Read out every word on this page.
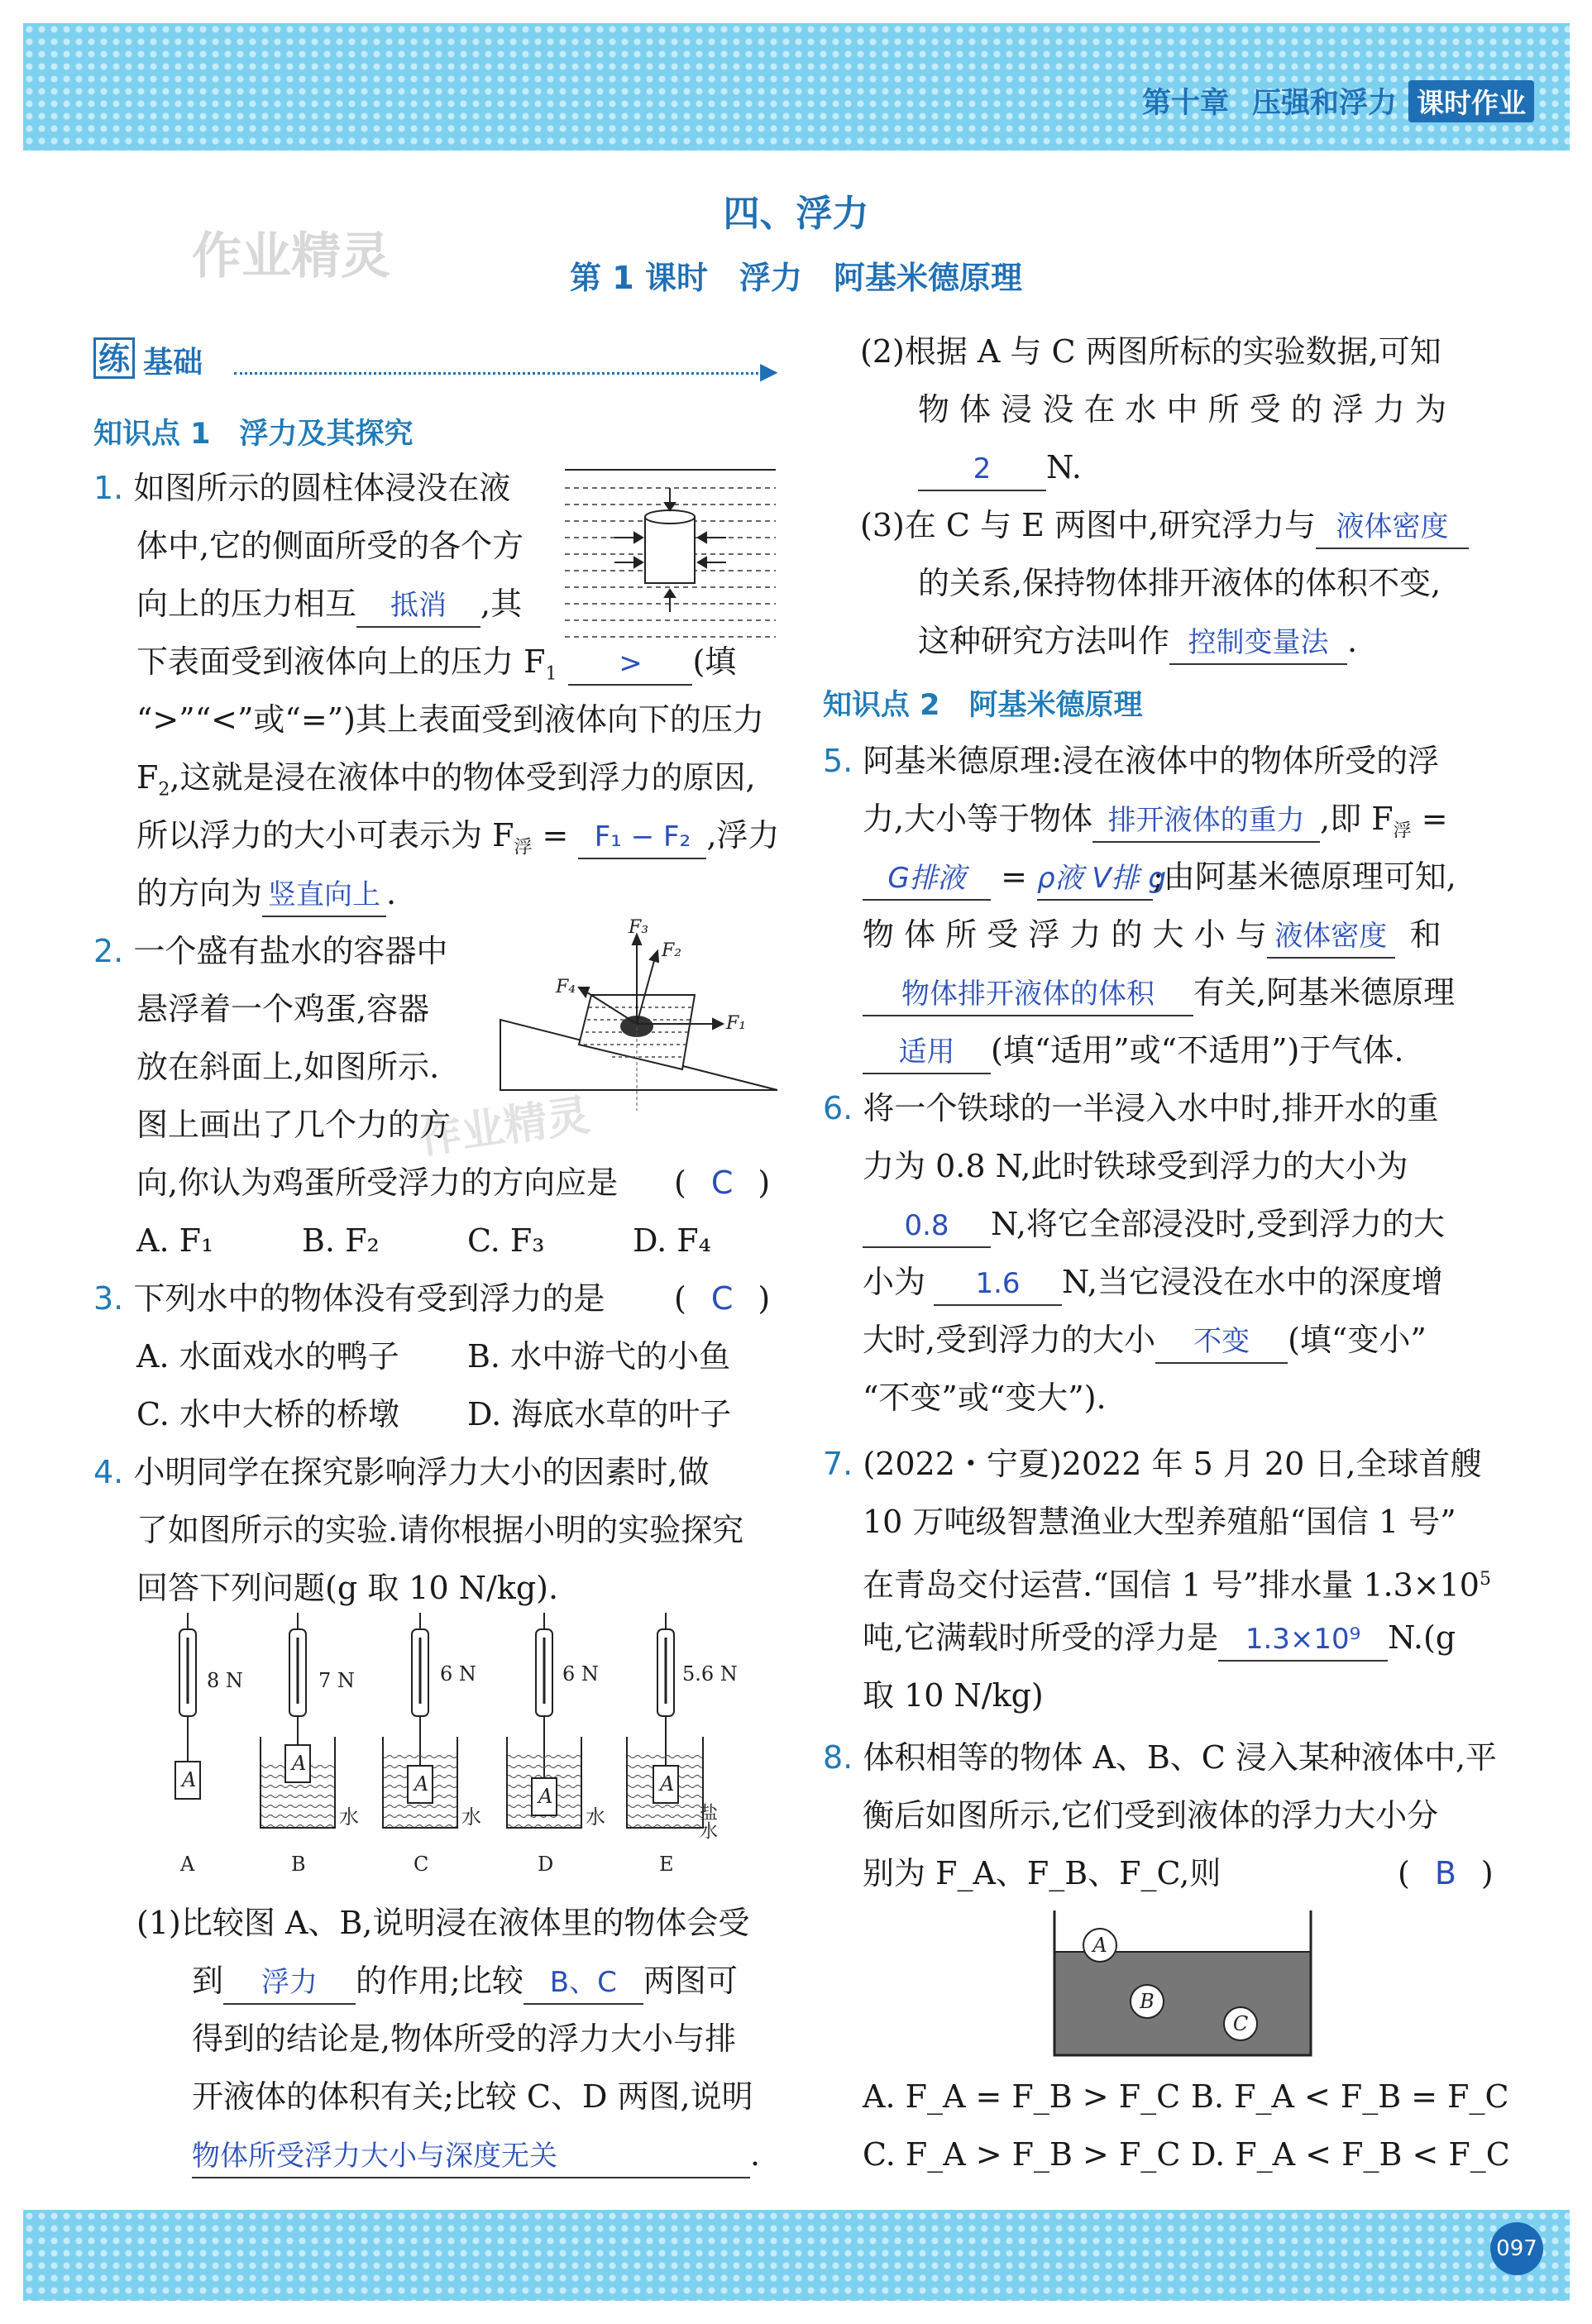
第十章 压强和浮力 课时作业
作业精灵
作业精灵
四、浮力
第 1 课时　浮力　阿基米德原理
练 基础	▶
知识点 1　浮力及其探究
1. 如图所示的圆柱体浸没在液
体中,它的侧面所受的各个方
向上的压力相互 抵消 ,其
下表面受到液体向上的压力 $F_1$ > (填
“>”“<”或“=”)其上表面受到液体向下的压力
$F_2$,这就是浸在液体中的物体受到浮力的原因,
所以浮力的大小可表示为 $F_浮 = F_1 - F_2$ ,浮力
的方向为 竖直向上 .
2. 一个盛有盐水的容器中
悬浮着一个鸡蛋,容器
放在斜面上,如图所示.
图上画出了几个力的方
向,你认为鸡蛋所受浮力的方向应是 ( C )
A. F₁	B. F₂	C. F₃	D. F₄
F₃
F₂
F₄
F₁
3. 下列水中的物体没有受到浮力的是 ( C )
A. 水面戏水的鸭子 B. 水中游弋的小鱼
C. 水中大桥的桥墩 D. 海底水草的叶子
4. 小明同学在探究影响浮力大小的因素时,做
了如图所示的实验.请你根据小明的实验探究
回答下列问题(g 取 10 N/kg).
8 N	7 N	6 N	6 N	5.6 N
A
A
A
A
A
水	水	水	盐水
A	B	C	D	E
(1)比较图 A、B,说明浸在液体里的物体会受
到 浮力 的作用;比较 B、C 两图可
得到的结论是,物体所受的浮力大小与排
开液体的体积有关;比较 C、D 两图,说明
物体所受浮力大小与深度无关	.
(2)根据 A 与 C 两图所标的实验数据,可知
物 体 浸 没 在 水 中 所 受 的 浮 力 为
2 N.
(3)在 C 与 E 两图中,研究浮力与 液体密度
的关系,保持物体排开液体的体积不变,
这种研究方法叫作 控制变量法 .
知识点 2　阿基米德原理
5. 阿基米德原理:浸在液体中的物体所受的浮
力,大小等于物体 排开液体的重力 ,即 $F_浮$ =
G排液 = ρ液 V排 g;由阿基米德原理可知,
物 体 所 受 浮 力 的 大 小 与 液体密度 和
物体排开液体的体积 有关,阿基米德原理
适用 (填“适用”或“不适用”)于气体.
6. 将一个铁球的一半浸入水中时,排开水的重
力为 0.8 N,此时铁球受到浮力的大小为
0.8 N,将它全部浸没时,受到浮力的大
小为 1.6 N,当它浸没在水中的深度增
大时,受到浮力的大小 不变 (填“变小”
“不变”或“变大”).
7. (2022・宁夏)2022 年 5 月 20 日,全球首艘
10 万吨级智慧渔业大型养殖船“国信 1 号”
在青岛交付运营.“国信 1 号”排水量 $1.3\times 10^5$
吨,它满载时所受的浮力是 1.3×10⁹ N.(g
取 10 N/kg)
8. 体积相等的物体 A、B、C 浸入某种液体中,平
衡后如图所示,它们受到液体的浮力大小分
别为 F_A、F_B、F_C,则	( B )
A. F_A = F_B > F_C B. F_A < F_B = F_C
C. F_A > F_B > F_C D. F_A < F_B < F_C
A
B
C
097
